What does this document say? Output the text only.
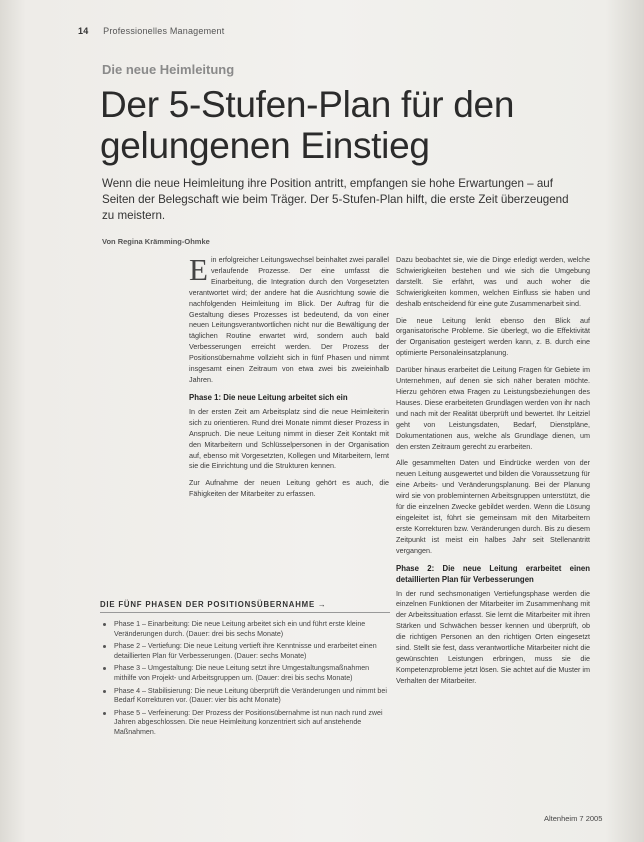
14 Professionelles Management
Die neue Heimleitung
Der 5-Stufen-Plan für den gelungenen Einstieg

Wenn die neue Heimleitung ihre Position antritt, empfangen sie hohe Erwartungen – auf Seiten der Belegschaft wie beim Träger. Der 5-Stufen-Plan hilft, die erste Zeit überzeugend zu meistern.

Von Regina Krämming-Ohmke

Ein erfolgreicher Leitungswechsel beinhaltet zwei parallel verlaufende Prozesse. Der eine umfasst die Einarbeitung, die Integration durch den Vorgesetzten verantwortet wird; der andere hat die Ausrichtung sowie die nachfolgenden Heimleitung im Blick. Der Auftrag für die Gestaltung dieses Prozesses ist bedeutend, da von einer neuen Leitungsverantwortlichen nicht nur die Bewältigung der täglichen Routine erwartet wird, sondern auch bald Verbesserungen erreicht werden. Der Prozess der Positionsübernahme vollzieht sich in fünf Phasen und nimmt insgesamt einen Zeitraum von etwa zwei bis zweieinhalb Jahren.

Phase 1: Die neue Leitung arbeitet sich ein

In der ersten Zeit am Arbeitsplatz sind die neue Heimleiterin sich zu orientieren. Rund drei Monate nimmt dieser Prozess in Anspruch. Die neue Leitung nimmt in dieser Zeit Kontakt mit den Mitarbeitern und Schlüsselpersonen in der Organisation auf, ebenso mit Vorgesetzten, Kollegen und Mitarbeitern, lernt sie die Einrichtung und die Strukturen kennen.

Zur Aufnahme der neuen Leitung gehört es auch, die Fähigkeiten der Mitarbeiter zu erfassen.

Dazu beobachtet sie, wie die Dinge erledigt werden, welche Schwierigkeiten bestehen und wie sich die Umgebung darstellt. Sie erfährt, was und auch woher die Schwierigkeiten kommen, welchen Einfluss sie haben und deshalb entscheidend für eine gute Zusammenarbeit sind.

Die neue Leitung lenkt ebenso den Blick auf organisatorische Probleme. Sie überlegt, wo die Effektivität der Organisation gesteigert werden kann, z. B. durch eine optimierte Personaleinsatzplanung.

Darüber hinaus erarbeitet die Leitung Fragen für Gebiete im Unternehmen, auf denen sie sich näher beraten möchte. Hierzu gehören etwa Fragen zu Leistungsbeziehungen des Hauses. Diese erarbeiteten Grundlagen werden von ihr nach und nach mit der Realität überprüft und bewertet. Ihr Leitziel geht von Leistungsdaten, Bedarf, Dienstpläne, Dokumentationen aus, welche als Grundlage dienen, um den ersten Zeitraum gerecht zu erarbeiten.

Alle gesammelten Daten und Eindrücke werden von der neuen Leitung ausgewertet und bilden die Voraussetzung für eine Arbeits- und Veränderungsplanung. Bei der Planung wird sie von probleminternen Arbeitsgruppen unterstützt, die für die einzelnen Zwecke gebildet werden. Wenn die Lösung eingeleitet ist, führt sie gemeinsam mit den Mitarbeitern erste Korrekturen bzw. Veränderungen durch. Bis zu diesem Zeitpunkt ist meist ein halbes Jahr seit Stellenantritt vergangen.

Phase 2: Die neue Leitung erarbeitet einen detaillierten Plan für Verbesserungen

In der rund sechsmonatigen Vertiefungsphase werden die einzelnen Funktionen der Mitarbeiter im Zusammenhang mit der Arbeitssituation erfasst. Sie lernt die Mitarbeiter mit ihren Stärken und Schwächen besser kennen und überprüft, ob die richtigen Personen an den richtigen Orten eingesetzt sind. Stellt sie fest, dass verantwortliche Mitarbeiter nicht die gewünschten Leistungen erbringen, muss sie die Kompetenzprobleme jetzt lösen. Sie achtet auf die Muster im Verhalten der Mitarbeiter.

DIE FÜNF PHASEN DER POSITIONSÜBERNAHME →
Phase 1 – Einarbeitung: Die neue Leitung arbeitet sich ein und führt erste kleine Veränderungen durch. (Dauer: drei bis sechs Monate)
Phase 2 – Vertiefung: Die neue Leitung vertieft ihre Kenntnisse und erarbeitet einen detaillierten Plan für Verbesserungen. (Dauer: sechs Monate)
Phase 3 – Umgestaltung: Die neue Leitung setzt ihre Umgestaltungsmaßnahmen mithilfe von Projekt- und Arbeitsgruppen um. (Dauer: drei bis sechs Monate)
Phase 4 – Stabilisierung: Die neue Leitung überprüft die Veränderungen und nimmt bei Bedarf Korrekturen vor. (Dauer: vier bis acht Monate)
Phase 5 – Verfeinerung: Der Prozess der Positionsübernahme ist nun nach rund zwei Jahren abgeschlossen. Die neue Heimleitung konzentriert sich auf anstehende Maßnahmen.
Altenheim 7 2005
